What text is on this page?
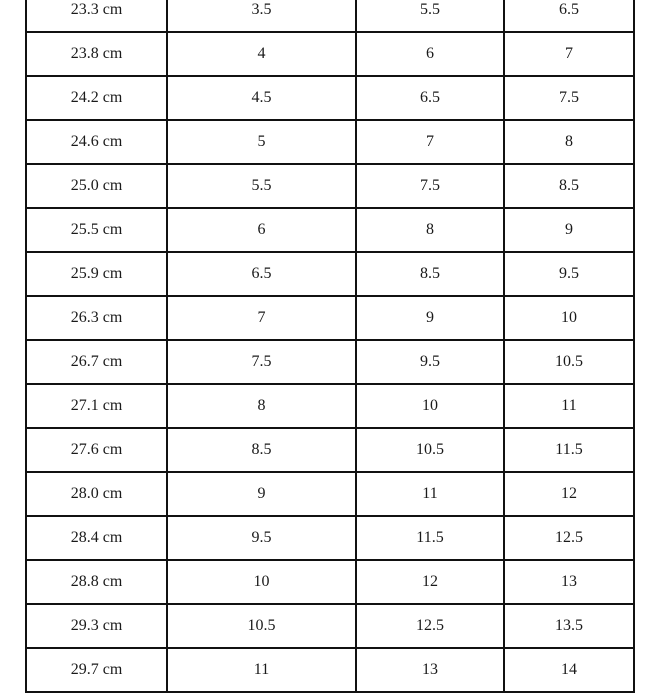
23.3 cm	3.5	5.5	6.5
23.8 cm	4	6	7
24.2 cm	4.5	6.5	7.5
24.6 cm	5	7	8
25.0 cm	5.5	7.5	8.5
25.5 cm	6	8	9
25.9 cm	6.5	8.5	9.5
26.3 cm	7	9	10
26.7 cm	7.5	9.5	10.5
27.1 cm	8	10	11
27.6 cm	8.5	10.5	11.5
28.0 cm	9	11	12
28.4 cm	9.5	11.5	12.5
28.8 cm	10	12	13
29.3 cm	10.5	12.5	13.5
29.7 cm	11	13	14
